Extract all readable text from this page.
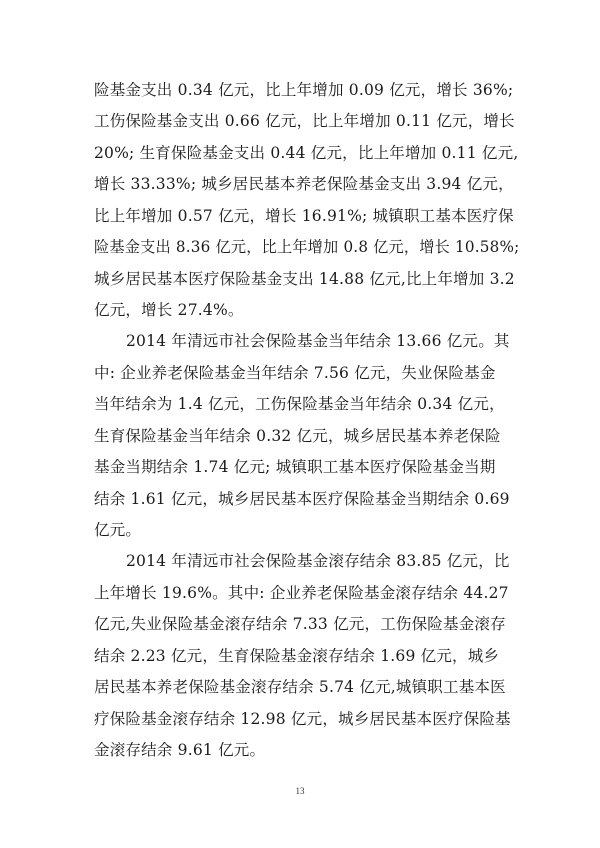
险基金支出 0.34 亿元，比上年增加 0.09 亿元，增长 36%;
工伤保险基金支出 0.66 亿元，比上年增加 0.11 亿元，增长
20%; 生育保险基金支出 0.44 亿元，比上年增加 0.11 亿元,
增长 33.33%; 城乡居民基本养老保险基金支出 3.94 亿元，
比上年增加 0.57 亿元，增长 16.91%; 城镇职工基本医疗保
险基金支出 8.36 亿元，比上年增加 0.8 亿元，增长 10.58%;
城乡居民基本医疗保险基金支出 14.88 亿元,比上年增加 3.2
亿元，增长 27.4%。
2014 年清远市社会保险基金当年结余 13.66 亿元。其
中: 企业养老保险基金当年结余 7.56 亿元，失业保险基金
当年结余为 1.4 亿元，工伤保险基金当年结余 0.34 亿元，
生育保险基金当年结余 0.32 亿元，城乡居民基本养老保险
基金当期结余 1.74 亿元; 城镇职工基本医疗保险基金当期
结余 1.61 亿元，城乡居民基本医疗保险基金当期结余 0.69
亿元。
2014 年清远市社会保险基金滚存结余 83.85 亿元，比
上年增长 19.6%。其中: 企业养老保险基金滚存结余 44.27
亿元,失业保险基金滚存结余 7.33 亿元，工伤保险基金滚存
结余 2.23 亿元，生育保险基金滚存结余 1.69 亿元，城乡
居民基本养老保险基金滚存结余 5.74 亿元,城镇职工基本医
疗保险基金滚存结余 12.98 亿元，城乡居民基本医疗保险基
金滚存结余 9.61 亿元。
13
